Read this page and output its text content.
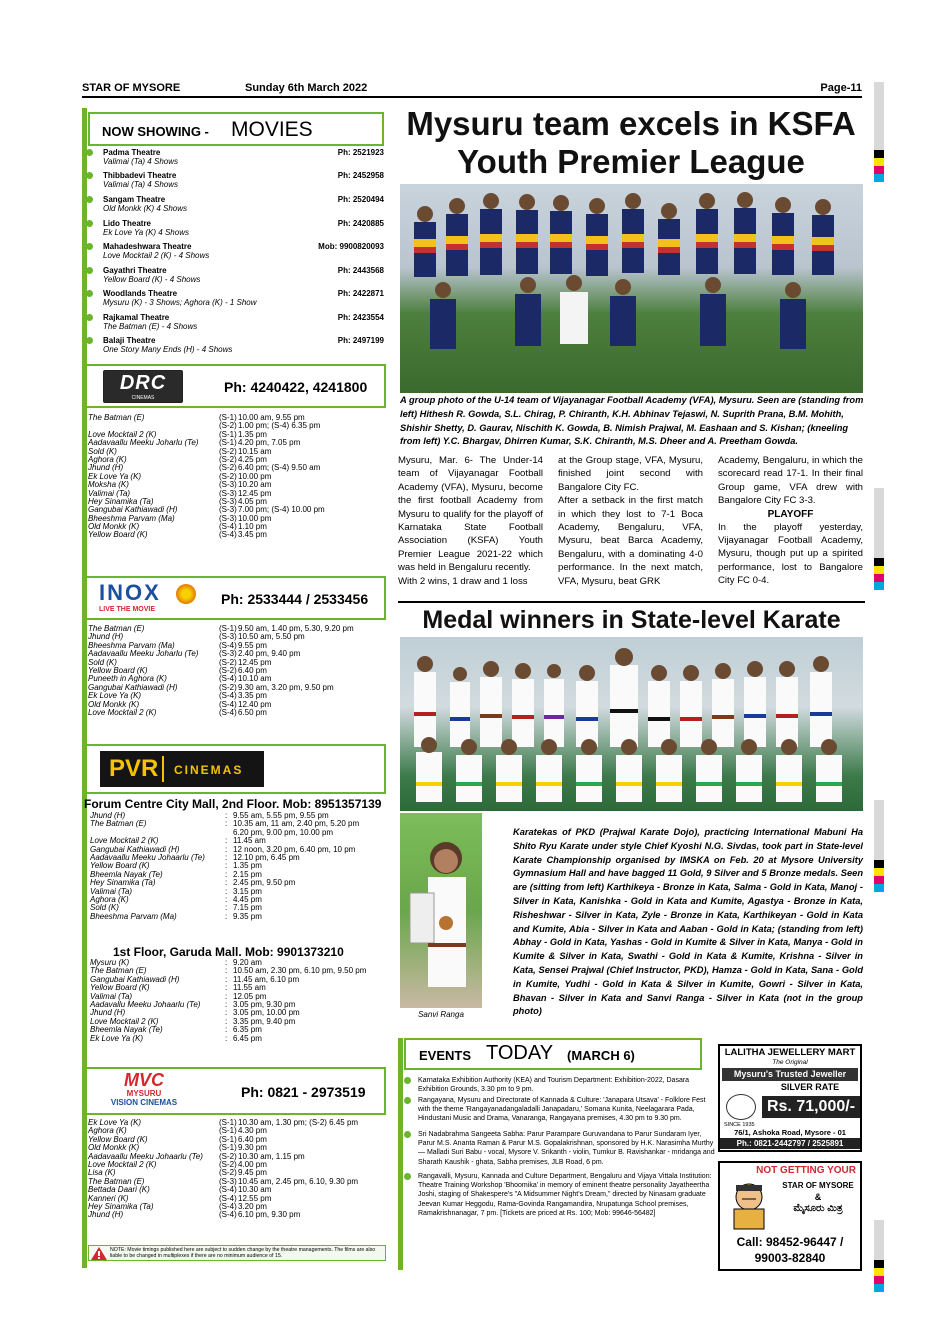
STAR OF MYSORE	Sunday 6th March 2022	Page-11
NOW SHOWING - MOVIES
Padma Theatre	Ph: 2521923
Valimai (Ta) 4 Shows
Thibbadevi Theatre	Ph: 2452958
Valimai (Ta) 4 Shows
Sangam Theatre	Ph: 2520494
Old Monkk (K) 4 Shows
Lido Theatre	Ph: 2420885
Ek Love Ya (K) 4 Shows
Mahadeshwara Theatre	Mob: 9900820093
Love Mocktail 2 (K) - 4 Shows
Gayathri Theatre	Ph: 2443568
Yellow Board (K) - 4 Shows
Woodlands Theatre	Ph: 2422871
Mysuru (K) - 3 Shows; Aghora (K) - 1 Show
Rajkamal Theatre	Ph: 2423554
The Batman (E) - 4 Shows
Balaji Theatre	Ph: 2497199
One Story Many Ends (H) - 4 Shows
DRC
CINEMAS
Ph: 4240422, 4241800
The Batman (E)	(S-1) 10.00 am, 9.55 pm
(S-2) 1.00 pm; (S-4) 6.35 pm
Love Mocktail 2 (K)	(S-1) 1.35 pm
Aadavaallu Meeku Joharlu (Te)	(S-1) 4.20 pm, 7.05 pm
Sold (K)	(S-2) 10.15 am
Aghora (K)	(S-2) 4.25 pm
Jhund (H)	(S-2) 6.40 pm; (S-4) 9.50 am
Ek Love Ya (K)	(S-2) 10.00 pm
Moksha (K)	(S-3) 10.20 am
Valimai (Ta)	(S-3) 12.45 pm
Hey Sinamika (Ta)	(S-3) 4.05 pm
Gangubai Kathiawadi (H)	(S-3) 7.00 pm; (S-4) 10.00 pm
Bheeshma Parvam (Ma)	(S-3) 10.00 pm
Old Monkk (K)	(S-4) 1.10 pm
Yellow Board (K)	(S-4) 3.45 pm
INOX
LIVE THE MOVIE
Ph: 2533444 / 2533456
The Batman (E)	(S-1) 9.50 am, 1.40 pm, 5.30, 9.20 pm
Jhund (H)	(S-3) 10.50 am, 5.50 pm
Bheeshma Parvam (Ma)	(S-4) 9.55 pm
Aadavaallu Meeku Joharlu (Te)	(S-3) 2.40 pm, 9.40 pm
Sold (K)	(S-2) 12.45 pm
Yellow Board (K)	(S-2) 6.40 pm
Puneeth in Aghora (K)	(S-4) 10.10 am
Gangubai Kathiawadi (H)	(S-2) 9.30 am, 3.20 pm, 9.50 pm
Ek Love Ya (K)	(S-4) 3.35 pm
Old Monkk (K)	(S-4) 12.40 pm
Love Mocktail 2 (K)	(S-4) 6.50 pm
PVR CINEMAS
Forum Centre City Mall, 2nd Floor. Mob: 8951357139
Jhund (H)	: 9.55 am, 5.55 pm, 9.55 pm
The Batman (E)	: 10.35 am, 11 am, 2.40 pm, 5.20 pm
6.20 pm, 9.00 pm, 10.00 pm
Love Mocktail 2 (K)	: 11.45 am
Gangubai Kathiawadi (H)	: 12 noon, 3.20 pm, 6.40 pm, 10 pm
Aadavaallu Meeku Johaarlu (Te)	: 12.10 pm, 6.45 pm
Yellow Board (K)	: 1.35 pm
Bheemla Nayak (Te)	: 2.15 pm
Hey Sinamika (Ta)	: 2.45 pm, 9.50 pm
Valimai (Ta)	: 3.15 pm
Aghora (K)	: 4.45 pm
Sold (K)	: 7.15 pm
Bheeshma Parvam (Ma)	: 9.35 pm
1st Floor, Garuda Mall. Mob: 9901373210
Mysuru (K)	: 9.20 am
The Batman (E)	: 10.50 am, 2.30 pm, 6.10 pm, 9.50 pm
Gangubai Kathiawadi (H)	: 11.45 am, 6.10 pm
Yellow Board (K)	: 11.55 am
Valimai (Ta)	: 12.05 pm
Aadavallu Meeku Johaarlu (Te)	: 3.05 pm, 9.30 pm
Jhund (H)	: 3.05 pm, 10.00 pm
Love Mocktail 2 (K)	: 3.35 pm, 9.40 pm
Bheemla Nayak (Te)	: 6.35 pm
Ek Love Ya (K)	: 6.45 pm
MVC
MYSURU
VISION CINEMAS
Ph: 0821 - 2973519
Ek Love Ya (K)	(S-1) 10.30 am, 1.30 pm; (S-2) 6.45 pm
Aghora (K)	(S-1) 4.30 pm
Yellow Board (K)	(S-1) 6.40 pm
Old Monkk (K)	(S-1) 9.30 pm
Aadavaallu Meeku Johaarlu (Te) (S-2) 10.30 am, 1.15 pm
Love Mocktail 2 (K)	(S-2) 4.00 pm
Lisa (K)	(S-2) 9.45 pm
The Batman (E)	(S-3) 10.45 am, 2.45 pm, 6.10, 9.30 pm
Bettada Daari (K)	(S-4) 10.30 am
Kanneri (K)	(S-4) 12.55 pm
Hey Sinamika (Ta)	(S-4) 3.20 pm
Jhund (H)	(S-4) 6.10 pm, 9.30 pm
NOTE: Movie timings published here are subject to sudden change by the theatre managements. The films are also liable to be changed in multiplexes if there are no minimum audience of 15.
Mysuru team excels in KSFA
Youth Premier League
A group photo of the U-14 team of Vijayanagar Football Academy (VFA), Mysuru. Seen are (standing from left) Hithesh R. Gowda, S.L. Chirag, P. Chiranth, K.H. Abhinav Tejaswi, N. Suprith Prana, B.M. Mohith, Shishir Shetty, D. Gaurav, Nischith K. Gowda, B. Nimish Prajwal, M. Eashaan and S. Kishan; (kneeling from left) Y.C. Bhargav, Dhirren Kumar, S.K. Chiranth, M.S. Dheer and A. Preetham Gowda.
Mysuru, Mar. 6- The Under-14 team of Vijayanagar Football Academy (VFA), Mysuru, become the first football Academy from Mysuru to qualify for the playoff of Karnataka State Football Association (KSFA) Youth Premier League 2021-22 which was held in Bengaluru recently.
With 2 wins, 1 draw and 1 loss
at the Group stage, VFA, Mysuru, finished joint second with Bangalore City FC.
After a setback in the first match in which they lost to 7-1 Boca Academy, Bengaluru, VFA, Mysuru, beat Barca Academy, Bengaluru, with a dominating 4-0 performance. In the next match, VFA, Mysuru, beat GRK
Academy, Bengaluru, in which the scorecard read 17-1. In their final Group game, VFA drew with Bangalore City FC 3-3.
PLAYOFF
In the playoff yesterday, Vijayanagar Football Academy, Mysuru, though put up a spirited performance, lost to Bangalore City FC 0-4.
Medal winners in State-level Karate
Sanvi Ranga
Karatekas of PKD (Prajwal Karate Dojo), practicing International Mabuni Ha Shito Ryu Karate under style Chief Kyoshi N.G. Sivdas, took part in State-level Karate Championship organised by IMSKA on Feb. 20 at Mysore University Gymnasium Hall and have bagged 11 Gold, 9 Silver and 5 Bronze medals. Seen are (sitting from left) Karthikeya - Bronze in Kata, Salma - Gold in Kata, Manoj - Silver in Kata, Kanishka - Gold in Kata and Kumite, Agastya - Bronze in Kata, Risheshwar - Silver in Kata, Zyle - Bronze in Kata, Karthikeyan - Gold in Kata and Kumite, Abia - Silver in Kata and Aaban - Gold in Kata; (standing from left) Abhay - Gold in Kata, Yashas - Gold in Kumite & Silver in Kata, Manya - Gold in Kumite & Silver in Kata, Swathi - Gold in Kata & Kumite, Krishna - Silver in Kata, Sensei Prajwal (Chief Instructor, PKD), Hamza - Gold in Kata, Sana - Gold in Kumite, Yudhi - Gold in Kata & Silver in Kumite, Gowri - Silver in Kata, Bhavan - Silver in Kata and Sanvi Ranga - Silver in Kata (not in the group photo)
EVENTS TODAY (MARCH 6)
Karnataka Exhibition Authority (KEA) and Tourism Department: Exhibition-2022, Dasara Exhibition Grounds, 3.30 pm to 9 pm.
Rangayana, Mysuru and Directorate of Kannada & Culture: 'Janapara Utsava' - Folklore Fest with the theme 'Rangayanadangaladalli Janapadaru,' Somana Kunita, Neelagarara Pada, Hindustani Music and Drama, Vanaranga, Rangayana premises, 4.30 pm to 9.30 pm.
Sri Nadabrahma Sangeeta Sabha: Parur Parampare Guruvandana to Parur Sundaram Iyer, Parur M.S. Ananta Raman & Parur M.S. Gopalakrishnan, sponsored by H.K. Narasimha Murthy — Malladi Suri Babu - vocal, Mysore V. Srikanth - violin, Tumkur B. Ravishankar - mridanga and Sharath Kaushik - ghata, Sabha premises, JLB Road, 6 pm.
Rangavalli, Mysuru, Kannada and Culture Department, Bengaluru and Vijaya Vittala Institution: Theatre Training Workshop 'Bhoomika' in memory of eminent theatre personality Jayatheertha Joshi, staging of Shakespere's "A Midsummer Night's Dream," directed by Ninasam graduate Jeevan Kumar Heggodu, Rama-Govinda Rangamandira, Nrupatunga School premises, Ramakrishnanagar, 7 pm. [Tickets are priced at Rs. 100; Mob: 99646-56482]
LALITHA JEWELLERY MART
The Original
Mysuru's Trusted Jeweller
SILVER RATE
SINCE 1935
Rs. 71,000/-
76/1, Ashoka Road, Mysore - 01
Ph.: 0821-2442797 / 2525891
NOT GETTING YOUR
STAR OF MYSORE
&
ಮೈಸೂರು ಮಿತ್ರ
Call: 98452-96447 /
99003-82840
